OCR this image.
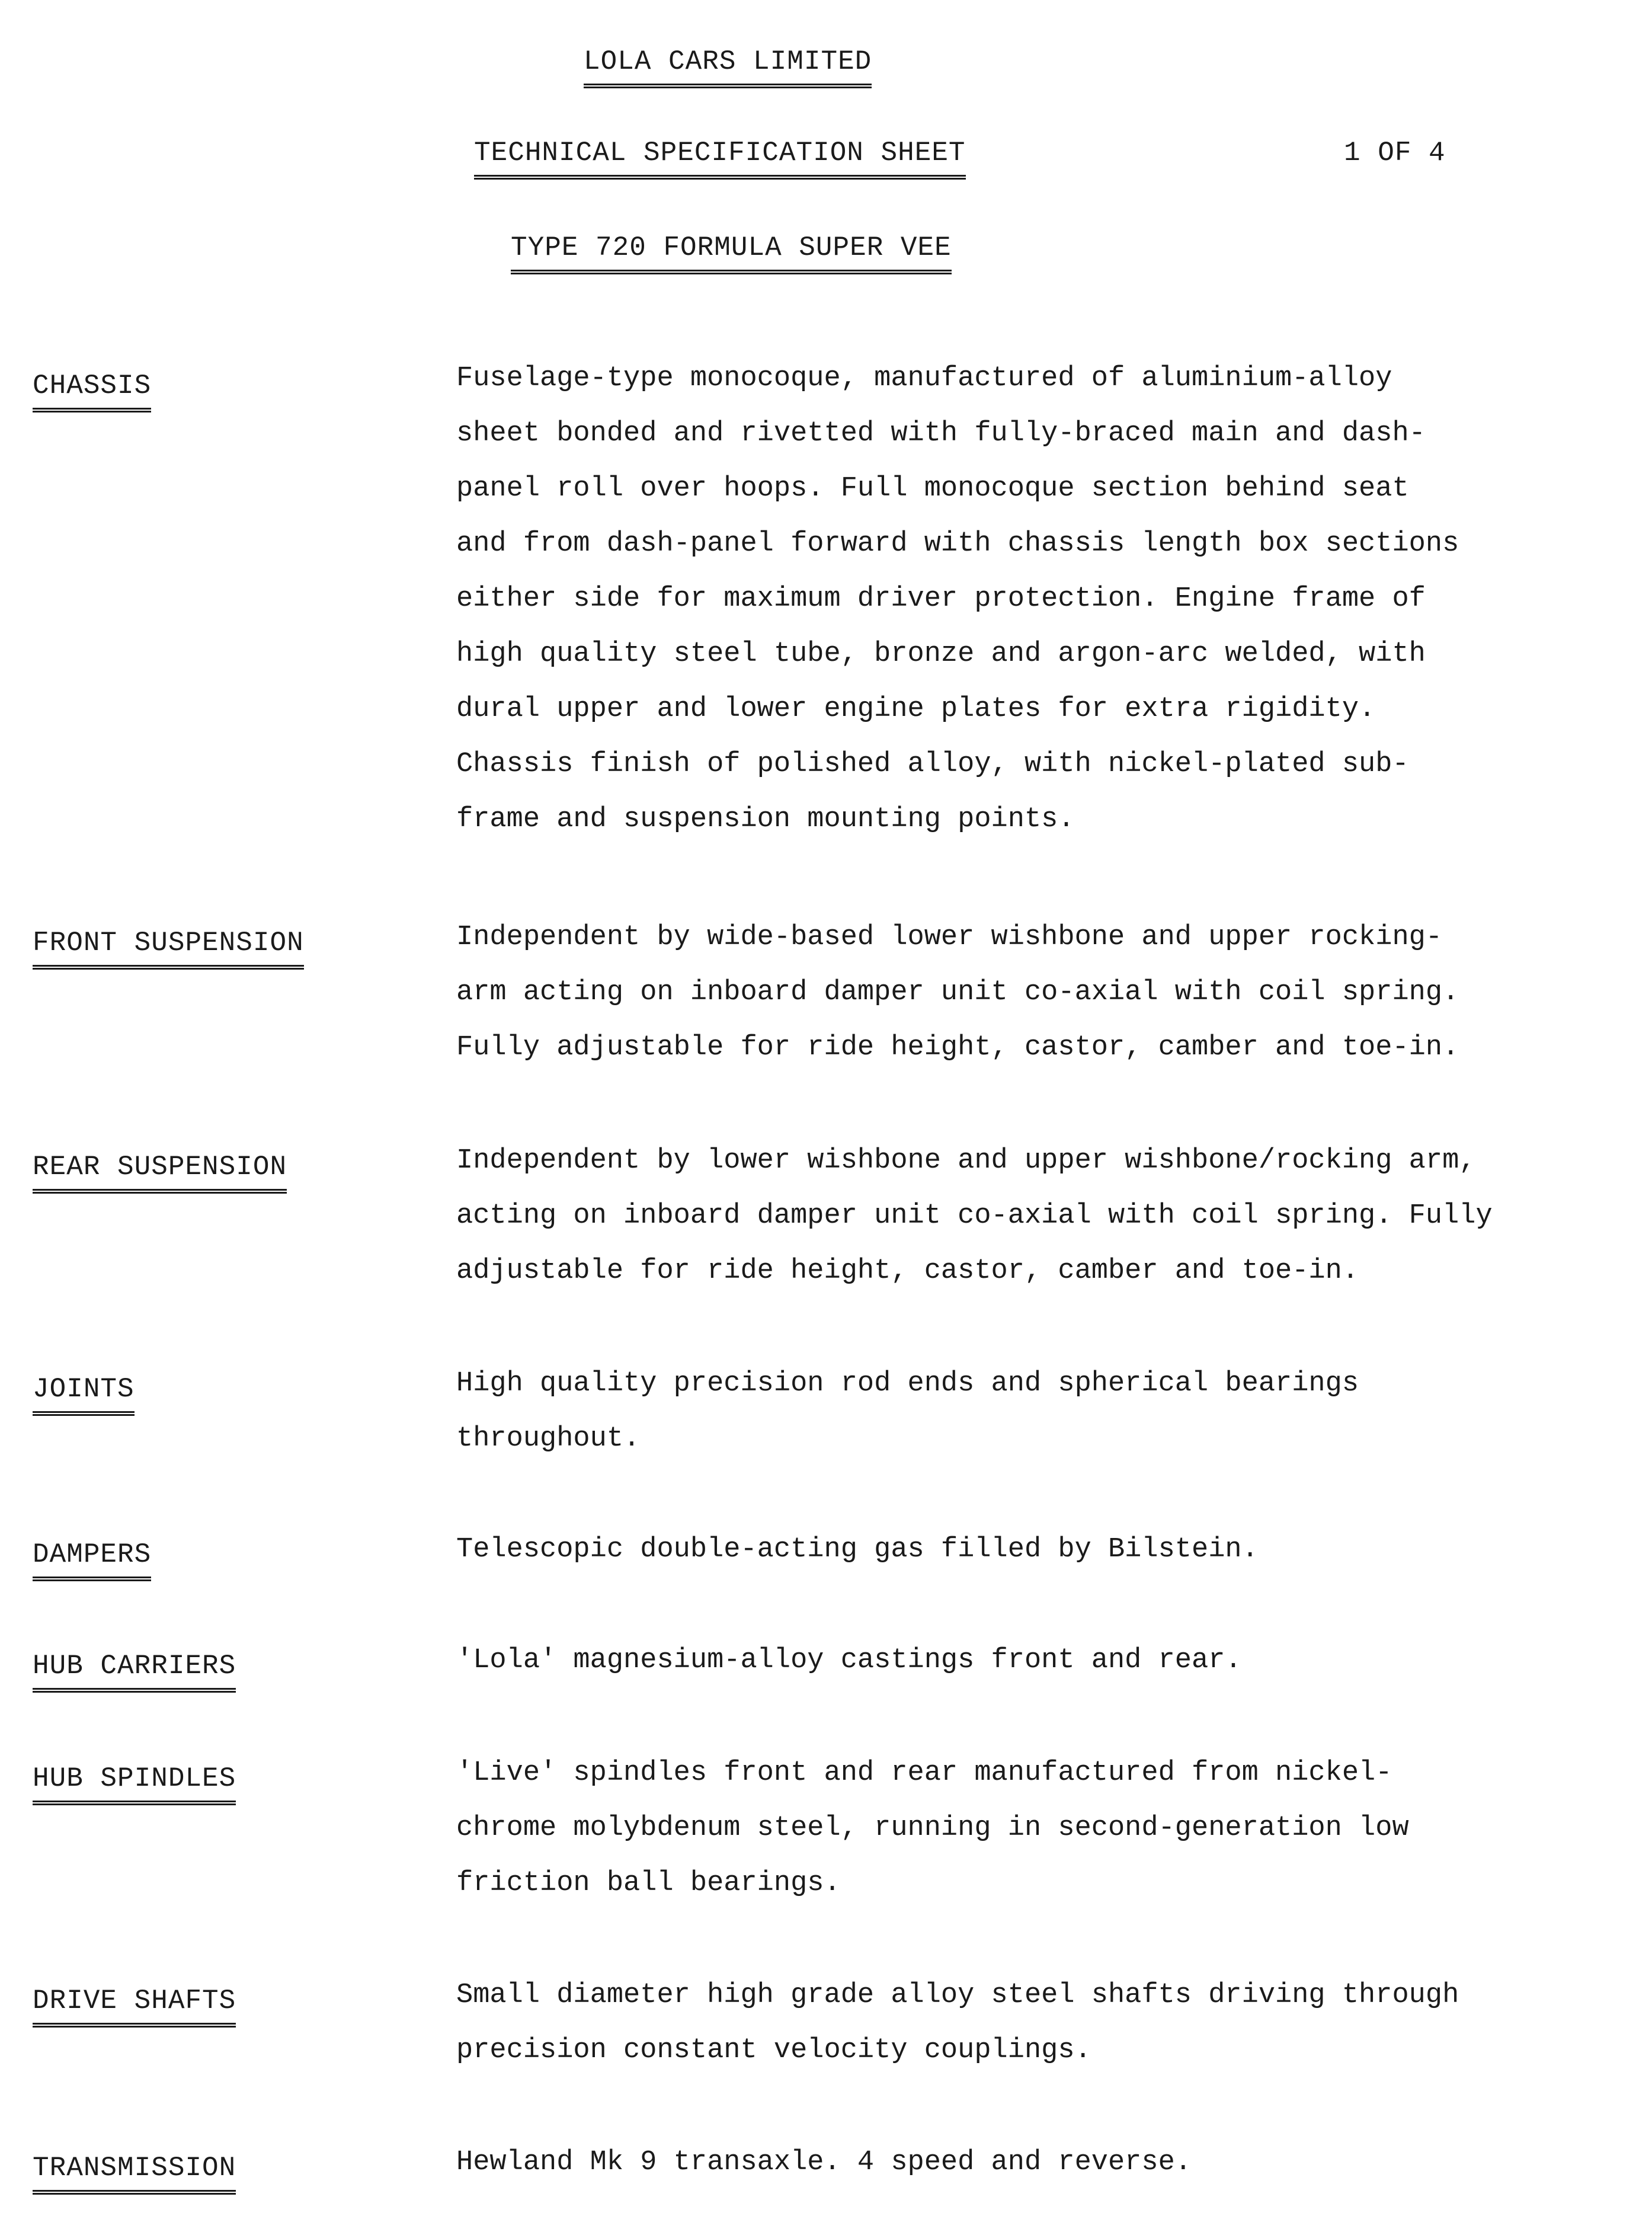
LOLA CARS LIMITED
TECHNICAL SPECIFICATION SHEET	1 OF 4
TYPE 720 FORMULA SUPER VEE
CHASSIS	Fuselage-type monocoque, manufactured of aluminium-alloy
sheet bonded and rivetted with fully-braced main and dash-
panel roll over hoops. Full monocoque section behind seat
and from dash-panel forward with chassis length box sections
either side for maximum driver protection. Engine frame of
high quality steel tube, bronze and argon-arc welded, with
dural upper and lower engine plates for extra rigidity.
Chassis finish of polished alloy, with nickel-plated sub-
frame and suspension mounting points.
FRONT SUSPENSION	Independent by wide-based lower wishbone and upper rocking-
arm acting on inboard damper unit co-axial with coil spring.
Fully adjustable for ride height, castor, camber and toe-in.
REAR SUSPENSION	Independent by lower wishbone and upper wishbone/rocking arm,
acting on inboard damper unit co-axial with coil spring. Fully
adjustable for ride height, castor, camber and toe-in.
JOINTS	High quality precision rod ends and spherical bearings
throughout.
DAMPERS	Telescopic double-acting gas filled by Bilstein.
HUB CARRIERS	'Lola' magnesium-alloy castings front and rear.
HUB SPINDLES	'Live' spindles front and rear manufactured from nickel-
chrome molybdenum steel, running in second-generation low
friction ball bearings.
DRIVE SHAFTS	Small diameter high grade alloy steel shafts driving through
precision constant velocity couplings.
TRANSMISSION	Hewland Mk 9 transaxle. 4 speed and reverse.
